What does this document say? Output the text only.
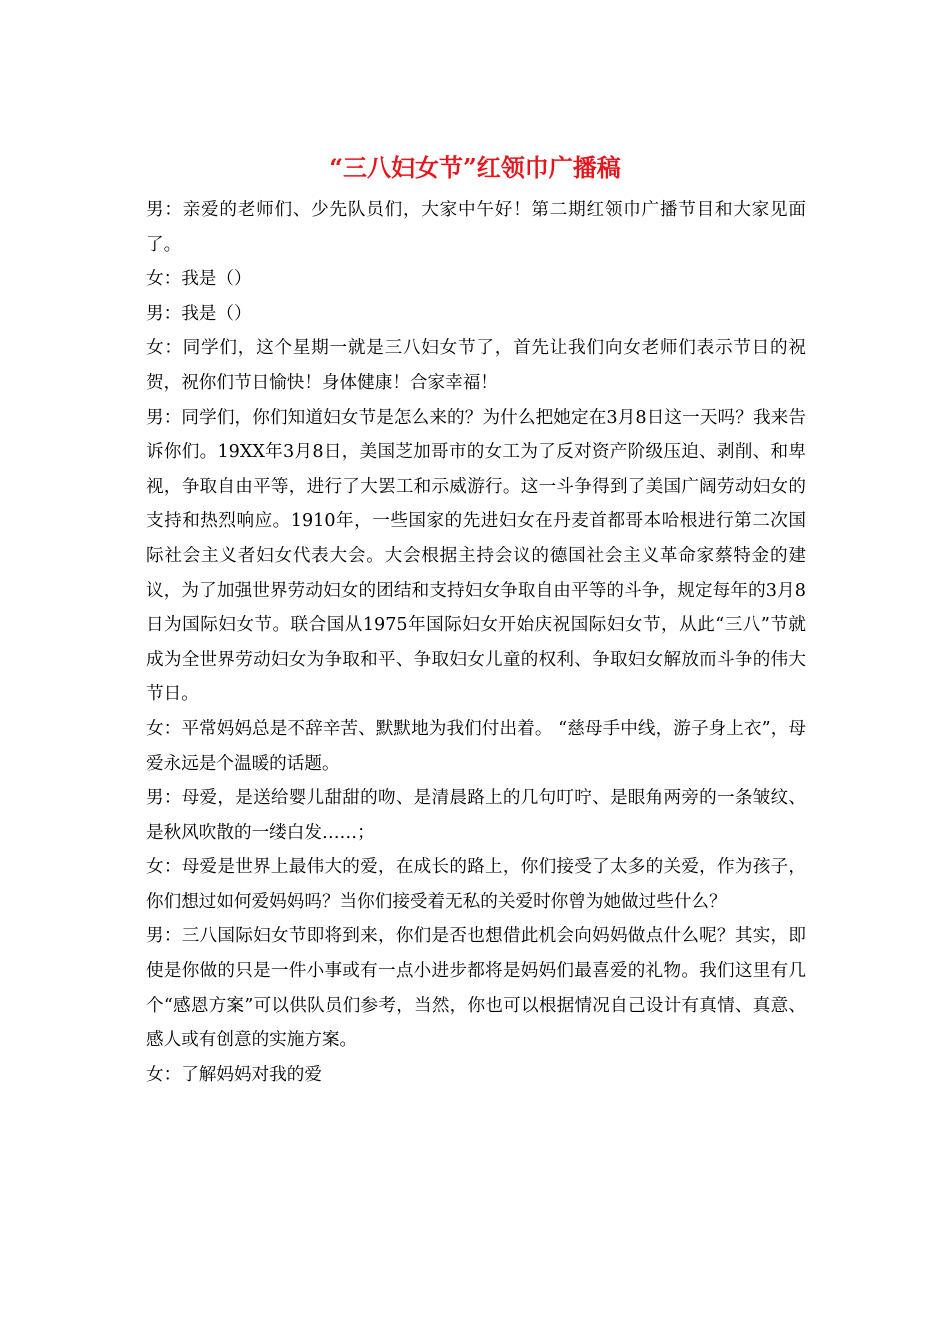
“三八妇女节”红领巾广播稿

男：亲爱的老师们、少先队员们，大家中午好！第二期红领巾广播节目和大家见面了。

女：我是（）

男：我是（）

女：同学们，这个星期一就是三八妇女节了，首先让我们向女老师们表示节日的祝贺，祝你们节日愉快！身体健康！合家幸福！

男：同学们，你们知道妇女节是怎么来的？为什么把她定在3月8日这一天吗？我来告诉你们。19XX年3月8日，美国芝加哥市的女工为了反对资产阶级压迫、剥削、和卑视，争取自由平等，进行了大罢工和示威游行。这一斗争得到了美国广阔劳动妇女的支持和热烈响应。1910年，一些国家的先进妇女在丹麦首都哥本哈根进行第二次国际社会主义者妇女代表大会。大会根据主持会议的德国社会主义革命家蔡特金的建议，为了加强世界劳动妇女的团结和支持妇女争取自由平等的斗争，规定每年的3月8日为国际妇女节。联合国从1975年国际妇女开始庆祝国际妇女节，从此“三八”节就成为全世界劳动妇女为争取和平、争取妇女儿童的权利、争取妇女解放而斗争的伟大节日。

女：平常妈妈总是不辞辛苦、默默地为我们付出着。 “慈母手中线，游子身上衣”，母爱永远是个温暖的话题。

男：母爱，是送给婴儿甜甜的吻、是清晨路上的几句叮咛、是眼角两旁的一条皱纹、是秋风吹散的一缕白发……；

女：母爱是世界上最伟大的爱，在成长的路上，你们接受了太多的关爱，作为孩子，你们想过如何爱妈妈吗？当你们接受着无私的关爱时你曾为她做过些什么？

男：三八国际妇女节即将到来，你们是否也想借此机会向妈妈做点什么呢？其实，即使是你做的只是一件小事或有一点小进步都将是妈妈们最喜爱的礼物。我们这里有几个“感恩方案”可以供队员们参考，当然，你也可以根据情况自己设计有真情、真意、感人或有创意的实施方案。

女：了解妈妈对我的爱
